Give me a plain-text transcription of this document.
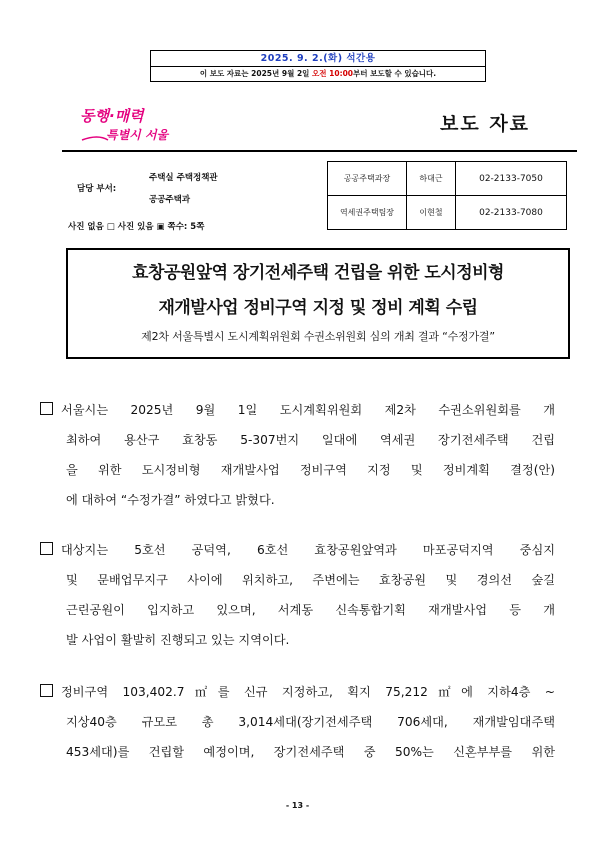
2025. 9. 2.(화) 석간용
이 보도 자료는 2025년 9월 2일 오전 10:00부터 보도할 수 있습니다.
동행·매력
특별시 서울	보도 자료
담당 부서:
주택실 주택정책관
공공주택과
사진 없음 □ 사진 있음 ▣ 쪽수: 5쪽
공공주택과장	하대근	02-2133-7050
역세권주택팀장	이현철	02-2133-7080
효창공원앞역 장기전세주택 건립을 위한 도시정비형
재개발사업 정비구역 지정 및 정비 계획 수립
제2차 서울특별시 도시계획위원회 수권소위원회 심의 개최 결과 “수정가결”
서울시는 2025년 9월 1일 도시계획위원회 제2차 수권소위원회를 개
최하여 용산구 효창동 5-307번지 일대에 역세권 장기전세주택 건립
을 위한 도시정비형 재개발사업 정비구역 지정 및 정비계획 결정(안)
에 대하여 “수정가결” 하였다고 밝혔다.
대상지는 5호선 공덕역, 6호선 효창공원앞역과 마포공덕지역 중심지
및 문배업무지구 사이에 위치하고, 주변에는 효창공원 및 경의선 숲길
근린공원이 입지하고 있으며, 서계동 신속통합기획 재개발사업 등 개
발 사업이 활발히 진행되고 있는 지역이다.
정비구역 103,402.7㎡를 신규 지정하고, 획지 75,212㎡에 지하4층 ~
지상40층 규모로 총 3,014세대(장기전세주택 706세대, 재개발임대주택
453세대)를 건립할 예정이며, 장기전세주택 중 50%는 신혼부부를 위한
- 13 -
